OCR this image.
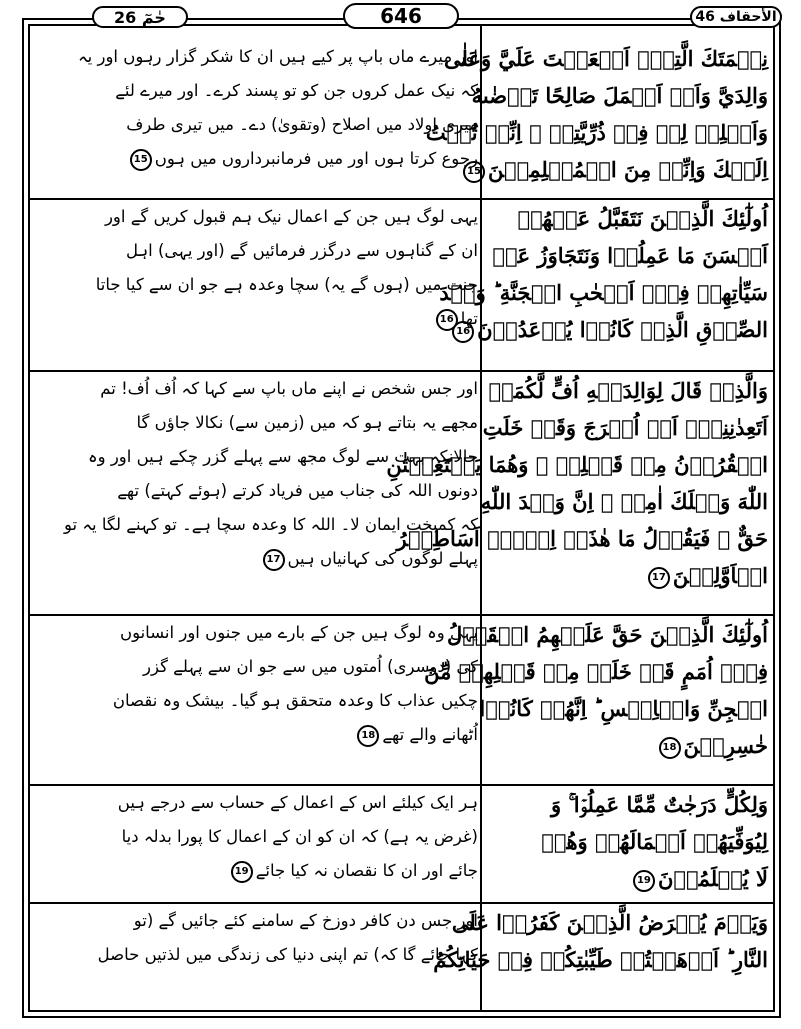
حٰمٓ 26	646	الأحقاف 46
نِعۡمَتَكَ الَّتِيۡۤ اَنۡعَمۡتَ عَلَيَّ وَعَلٰى
وَالِدَيَّ وَاَنۡ اَعۡمَلَ صَالِحًا تَرۡضٰىهُ
وَاَصۡلِحۡ لِيۡ فِيۡ ذُرِّيَّتِيۡ ۚ اِنِّيۡ تُبۡتُ
اِلَيۡكَ وَاِنِّيۡ مِنَ الۡمُسۡلِمِيۡنَ15
اور میرے ماں باپ پر کیے ہیں ان کا شکر گزار رہوں اور یہ
کہ نیک عمل کروں جن کو تو پسند کرے۔ اور میرے لئے
میری اولاد میں اصلاح (وتقویٰ) دے۔ میں تیری طرف
رجوع کرتا ہوں اور میں فرمانبرداروں میں ہوں15
اُولٰٓئِكَ الَّذِيۡنَ نَتَقَبَّلُ عَنۡهُمۡ
اَحۡسَنَ مَا عَمِلُوۡا وَنَتَجَاوَزُ عَنۡ
سَيِّاٰتِهِمۡ فِيۡۤ اَصۡحٰبِ الۡجَنَّةِ ؕ وَعۡدَ
الصِّدۡقِ الَّذِيۡ كَانُوۡا يُوۡعَدُوۡنَ16
یہی لوگ ہیں جن کے اعمال نیک ہم قبول کریں گے اور
ان کے گناہوں سے درگزر فرمائیں گے (اور یہی) اہل
جنت میں (ہوں گے یہ) سچا وعدہ ہے جو ان سے کیا جاتا
تھا16
وَالَّذِيۡ قَالَ لِوَالِدَيۡهِ اُفٍّ لَّكُمَاۤ
اَتَعِدٰنِنِيۡۤ اَنۡ اُخۡرَجَ وَقَدۡ خَلَتِ
الۡقُرُوۡنُ مِنۡ قَبۡلِيۡ ۚ وَهُمَا يَسۡتَغِيۡثٰنِ
اللّٰهَ وَيۡلَكَ اٰمِنۡ ۖ اِنَّ وَعۡدَ اللّٰهِ
حَقٌّ ۖ فَيَقُوۡلُ مَا هٰذَاۤ اِلَّاۤ اَسَاطِيۡرُ
الۡاَوَّلِيۡنَ17
اور جس شخص نے اپنے ماں باپ سے کہا کہ اُف اُف! تم
مجھے یہ بتاتے ہو کہ میں (زمین سے) نکالا جاؤں گا
حالانکہ بہت سے لوگ مجھ سے پہلے گزر چکے ہیں اور وہ
دونوں اللہ کی جناب میں فریاد کرتے (ہوئے کہتے) تھے
کہ کمبخت ایمان لا۔ اللہ کا وعدہ سچا ہے۔ تو کہنے لگا یہ تو
پہلے لوگوں کی کہانیاں ہیں17
اُولٰٓئِكَ الَّذِيۡنَ حَقَّ عَلَيۡهِمُ الۡقَوۡلُ
فِيۡۤ اُمَمٍ قَدۡ خَلَتۡ مِنۡ قَبۡلِهِمۡ مِّنَ
الۡجِنِّ وَالۡاِنۡسِ ؕ اِنَّهُمۡ كَانُوۡا
خٰسِرِيۡنَ18
یہی وہ لوگ ہیں جن کے بارے میں جنوں اور انسانوں
کی (دوسری) اُمتوں میں سے جو ان سے پہلے گزر
چکیں عذاب کا وعدہ متحقق ہو گیا۔ بیشک وہ نقصان
اُٹھانے والے تھے18
وَلِكُلٍّ دَرَجٰتٌ مِّمَّا عَمِلُوۡا ۚ وَ
لِيُوَفِّيَهُمۡ اَعۡمَالَهُمۡ وَهُمۡ
لَا يُظۡلَمُوۡنَ19
ہر ایک کیلئے اس کے اعمال کے حساب سے درجے ہیں
(غرض یہ ہے) کہ ان کو ان کے اعمال کا پورا بدلہ دیا
جائے اور ان کا نقصان نہ کیا جائے19
وَيَوۡمَ يُعۡرَضُ الَّذِيۡنَ كَفَرُوۡا عَلَى
النَّارِ ؕ اَذۡهَبۡتُمۡ طَيِّبٰتِكُمۡ فِيۡ حَيَاتِكُمُ
اور جس دن کافر دوزخ کے سامنے کئے جائیں گے (تو
کہا جائے گا کہ) تم اپنی دنیا کی زندگی میں لذتیں حاصل
